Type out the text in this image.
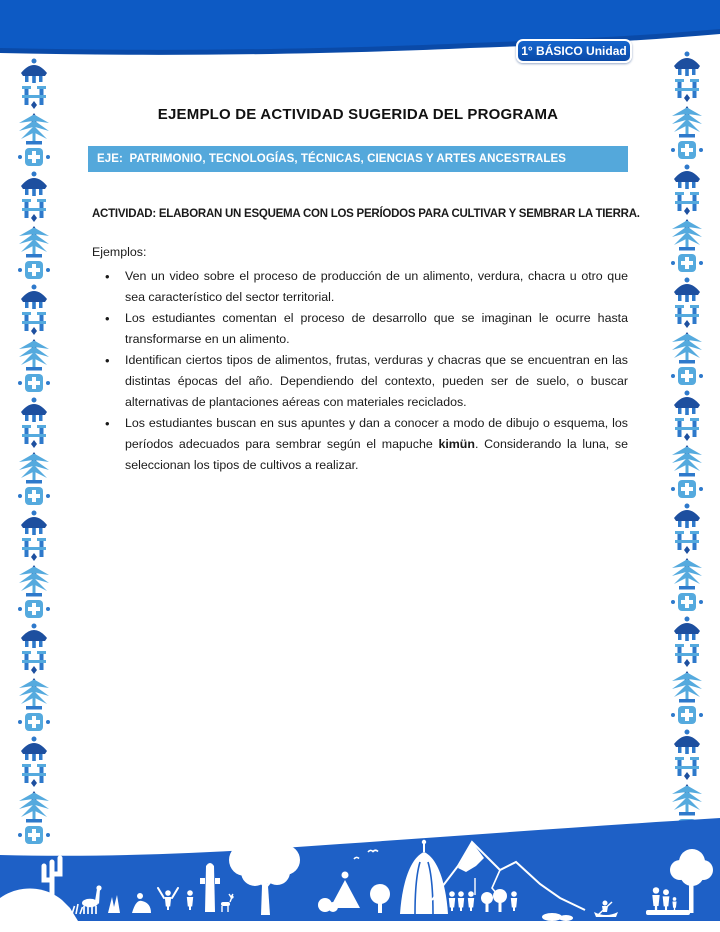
1° BÁSICO Unidad 3
EJEMPLO DE ACTIVIDAD SUGERIDA DEL PROGRAMA
EJE:  PATRIMONIO, TECNOLOGÍAS, TÉCNICAS, CIENCIAS Y ARTES ANCESTRALES

ACTIVIDAD: ELABORAN UN ESQUEMA CON LOS PERÍODOS PARA CULTIVAR Y SEMBRAR LA TIERRA.

Ejemplos:

• Ven un video sobre el proceso de producción de un alimento, verdura, chacra u otro que sea característico del sector territorial.
• Los estudiantes comentan el proceso de desarrollo que se imaginan le ocurre hasta transformarse en un alimento.
• Identifican ciertos tipos de alimentos, frutas, verduras y chacras que se encuentran en las distintas épocas del año. Dependiendo del contexto, pueden ser de suelo, o buscar alternativas de plantaciones aéreas con materiales reciclados.
• Los estudiantes buscan en sus apuntes y dan a conocer a modo de dibujo o esquema, los períodos adecuados para sembrar según el mapuche kimün. Considerando la luna, se seleccionan los tipos de cultivos a realizar.
